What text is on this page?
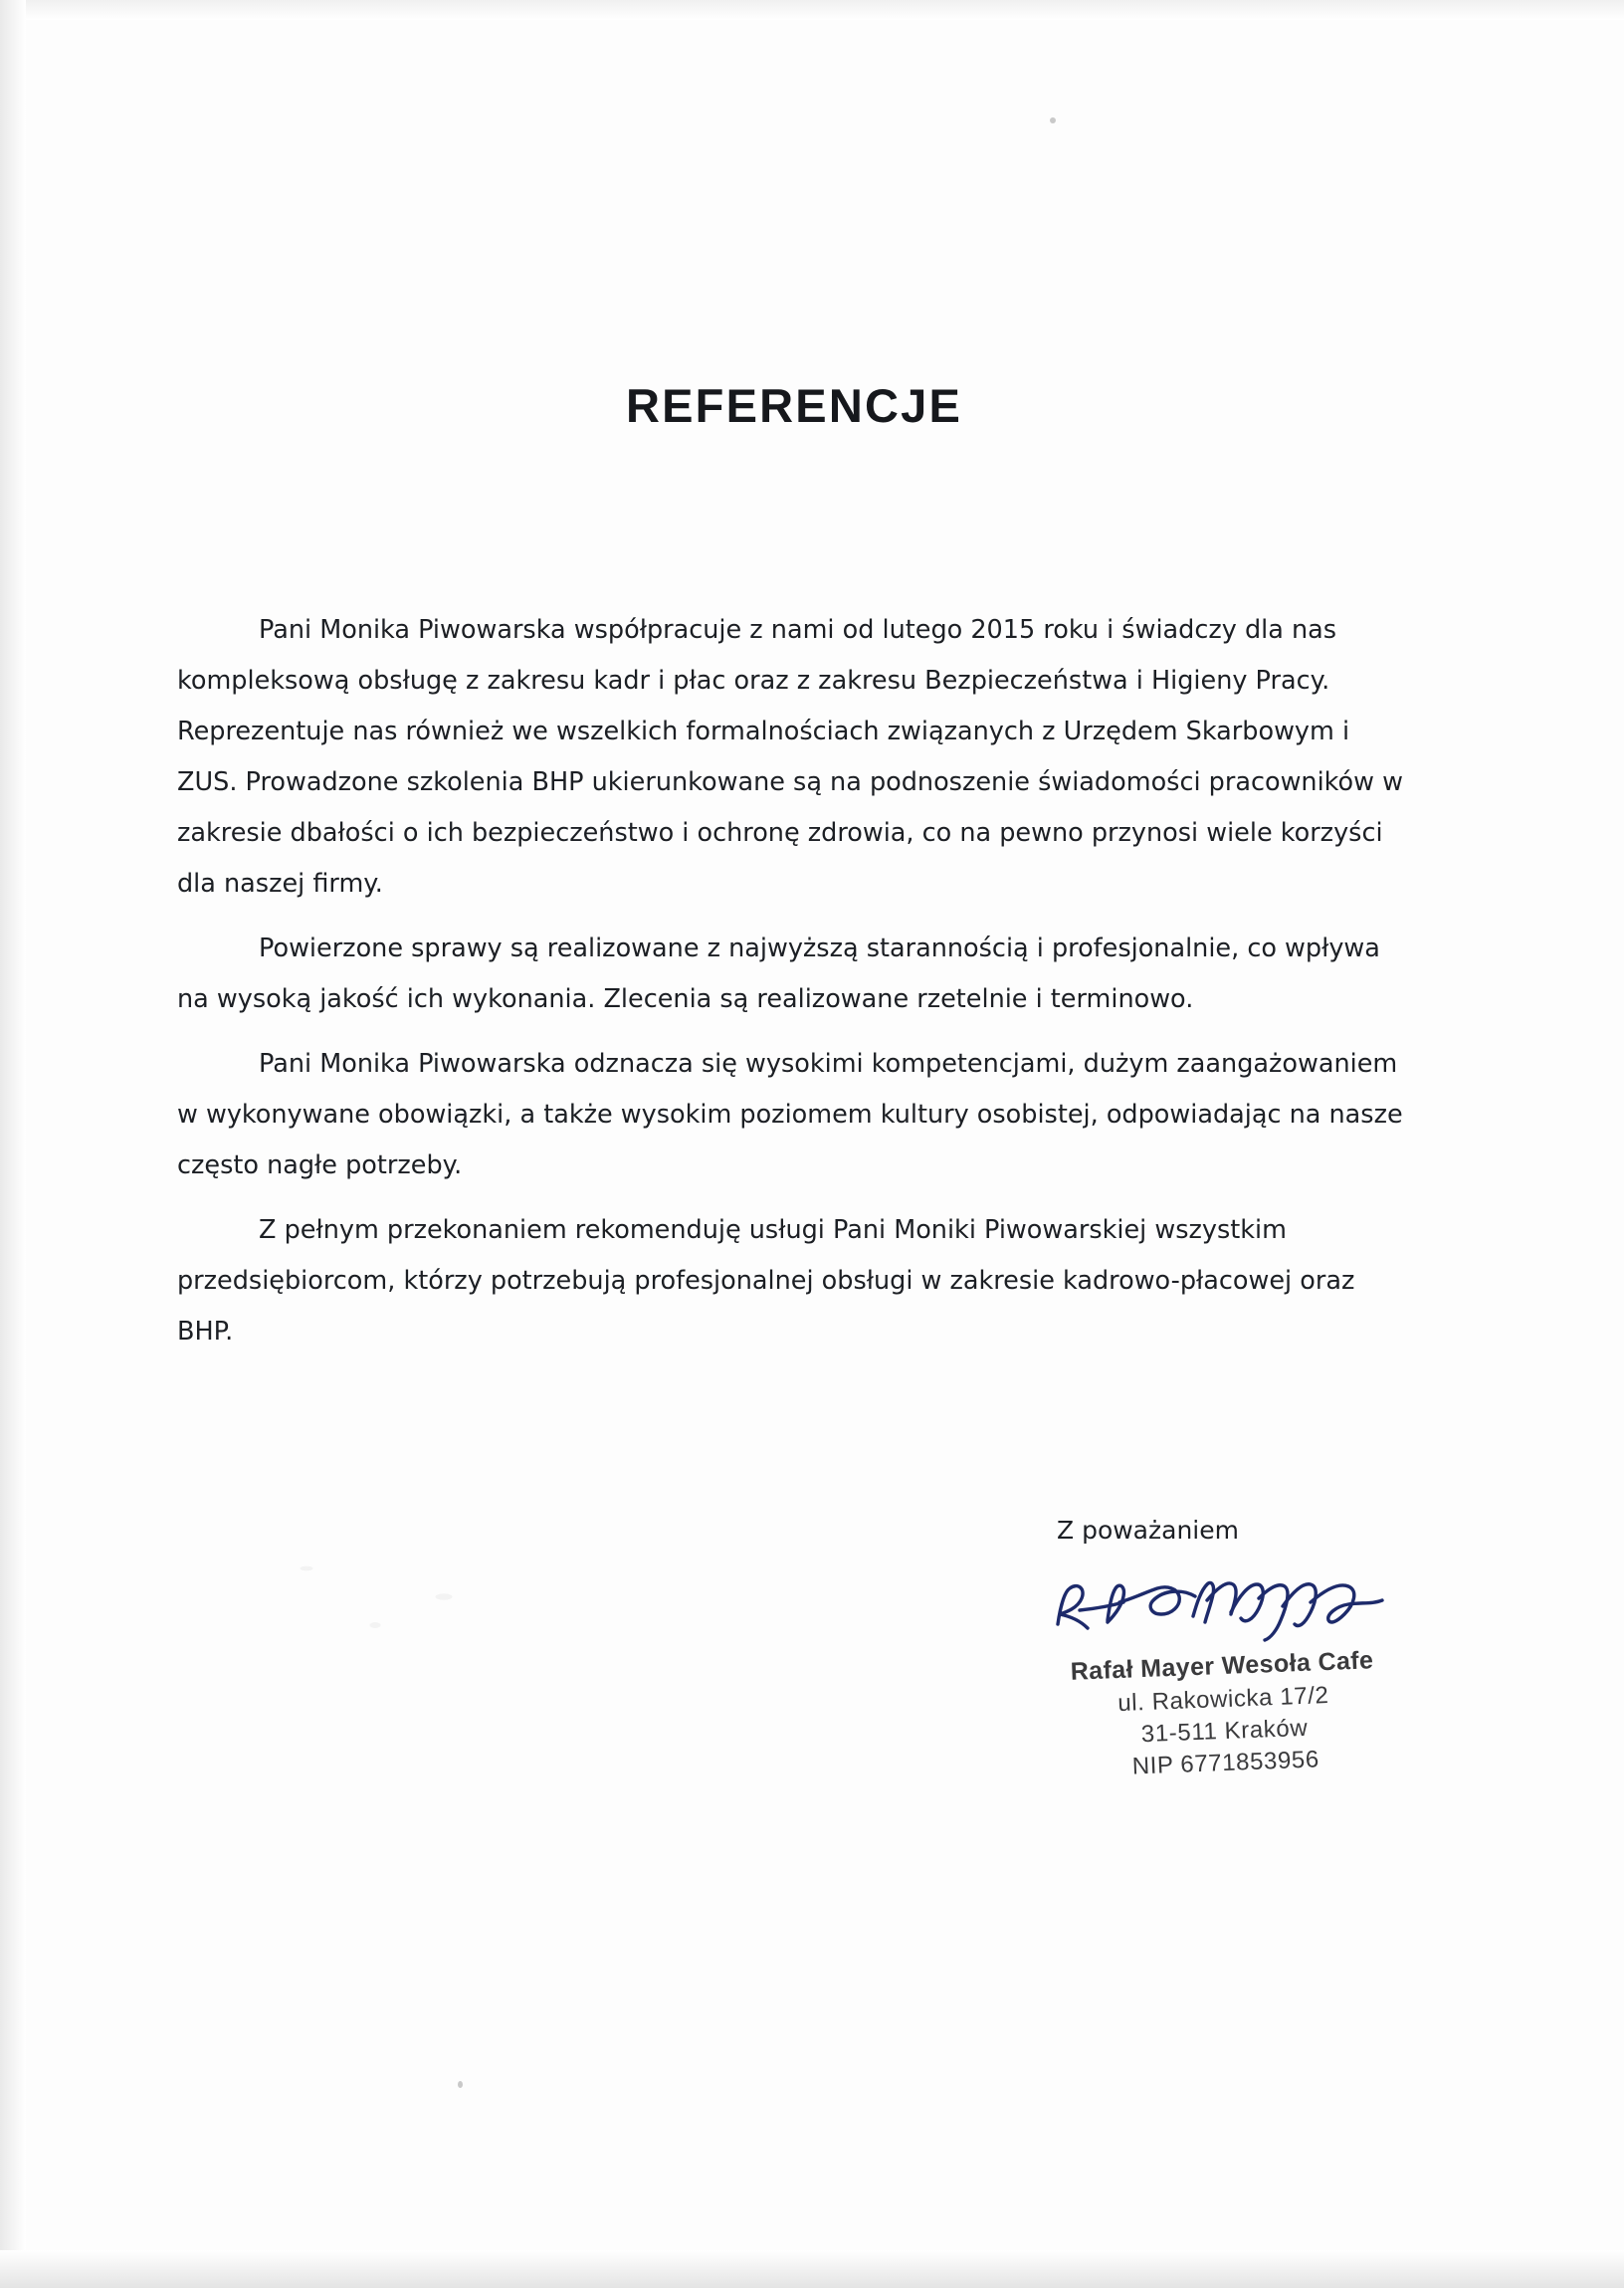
REFERENCJE

Pani Monika Piwowarska współpracuje z nami od lutego 2015 roku i świadczy dla nas kompleksową obsługę z zakresu kadr i płac oraz z zakresu Bezpieczeństwa i Higieny Pracy. Reprezentuje nas również we wszelkich formalnościach związanych z Urzędem Skarbowym i ZUS. Prowadzone szkolenia BHP ukierunkowane są na podnoszenie świadomości pracowników w zakresie dbałości o ich bezpieczeństwo i ochronę zdrowia, co na pewno przynosi wiele korzyści dla naszej firmy.

Powierzone sprawy są realizowane z najwyższą starannością i profesjonalnie, co wpływa na wysoką jakość ich wykonania. Zlecenia są realizowane rzetelnie i terminowo.

Pani Monika Piwowarska odznacza się wysokimi kompetencjami, dużym zaangażowaniem w wykonywane obowiązki, a także wysokim poziomem kultury osobistej, odpowiadając na nasze często nagłe potrzeby.

Z pełnym przekonaniem rekomenduję usługi Pani Moniki Piwowarskiej wszystkim przedsiębiorcom, którzy potrzebują profesjonalnej obsługi w zakresie kadrowo-płacowej oraz BHP.

Z poważaniem
Rafał Mayer Wesoła Cafe
ul. Rakowicka 17/2
31-511 Kraków
NIP 6771853956
